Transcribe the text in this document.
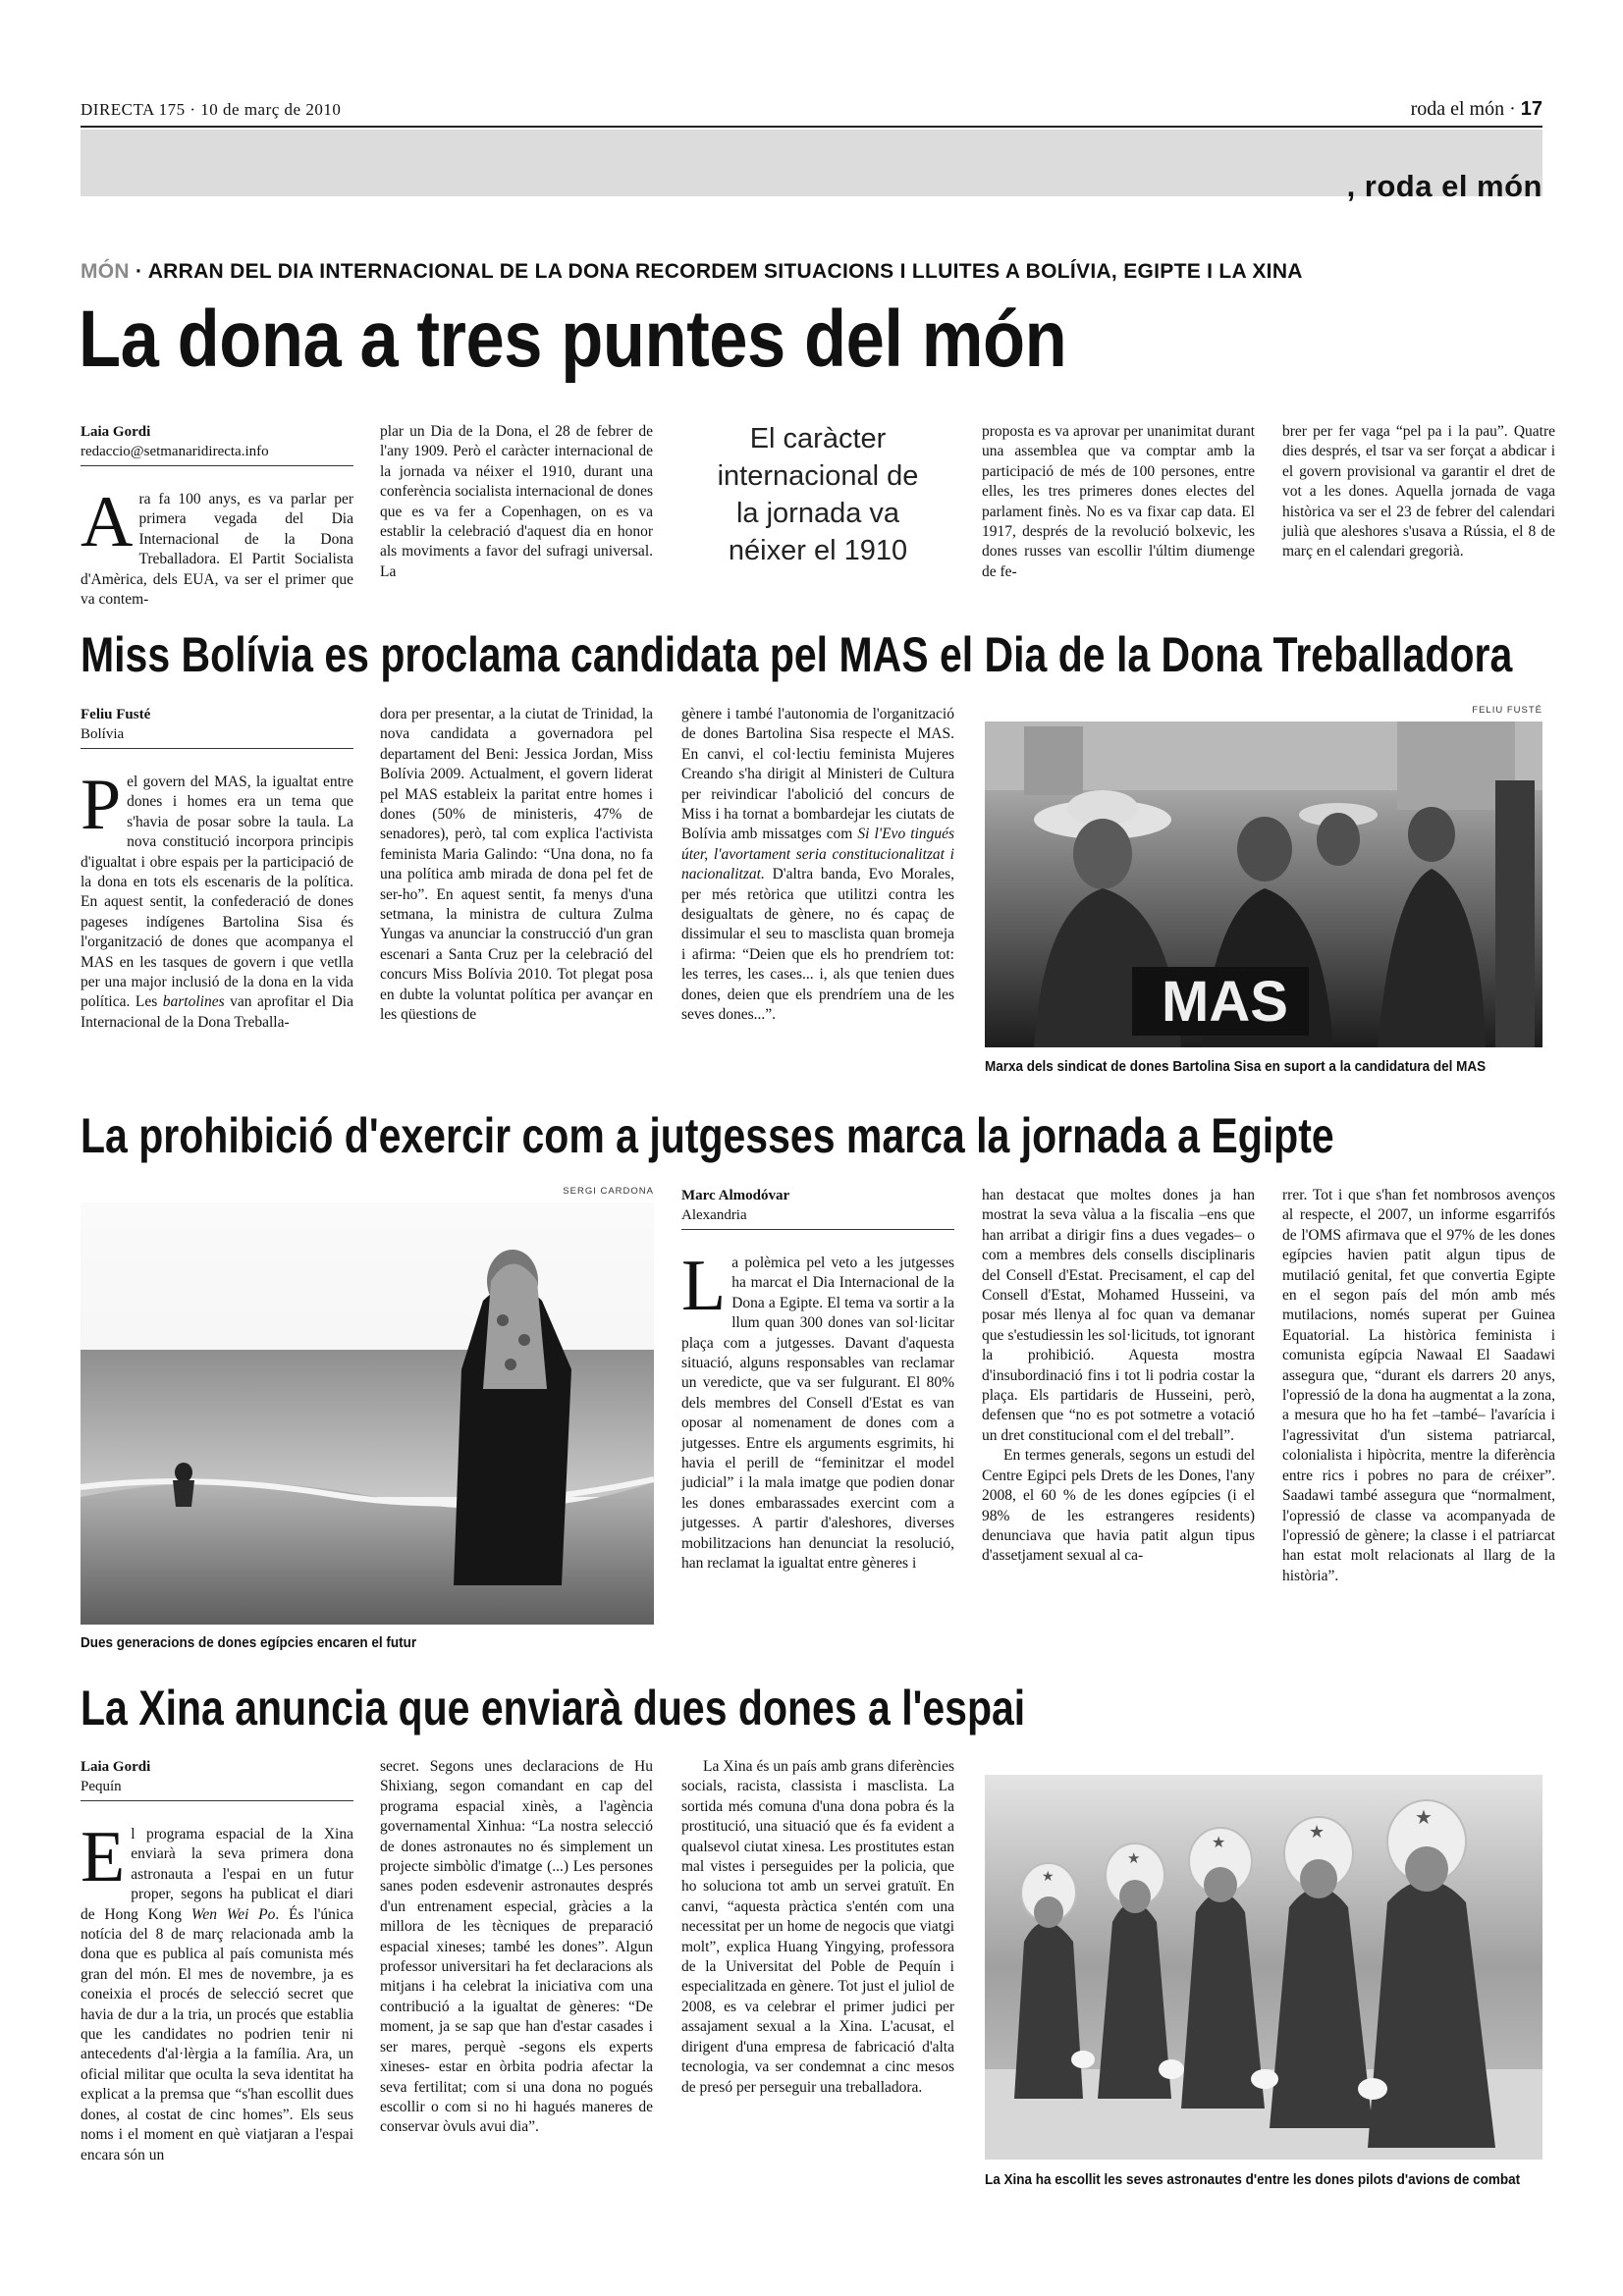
DIRECTA 175 · 10 de març de 2010	roda el món · 17
, roda el món
MÓN · ARRAN DEL DIA INTERNACIONAL DE LA DONA RECORDEM SITUACIONS I LLUITES A BOLÍVIA, EGIPTE I LA XINA
La dona a tres puntes del món
Laia Gordi
redaccio@setmanaridirecta.info

Ara fa 100 anys, es va parlar per primera vegada del Dia Internacional de la Dona Treballadora. El Partit Socialista d'Amèrica, dels EUA, va ser el primer que va contem-

plar un Dia de la Dona, el 28 de febrer de l'any 1909. Però el caràcter internacional de la jornada va néixer el 1910, durant una conferència socialista internacional de dones que es va fer a Copenhagen, on es va establir la celebració d'aquest dia en honor als moviments a favor del sufragi universal. La

El caràcter internacional de la jornada va néixer el 1910

proposta es va aprovar per unanimitat durant una assemblea que va comptar amb la participació de més de 100 persones, entre elles, les tres primeres dones electes del parlament finès. No es va fixar cap data. El 1917, després de la revolució bolxevic, les dones russes van escollir l'últim diumenge de fe-

brer per fer vaga “pel pa i la pau”. Quatre dies després, el tsar va ser forçat a abdicar i el govern provisional va garantir el dret de vot a les dones. Aquella jornada de vaga històrica va ser el 23 de febrer del calendari julià que aleshores s'usava a Rússia, el 8 de març en el calendari gregorià.

Miss Bolívia es proclama candidata pel MAS el Dia de la Dona Treballadora
Feliu Fusté
Bolívia

Pel govern del MAS, la igualtat entre dones i homes era un tema que s'havia de posar sobre la taula. La nova constitució incorpora principis d'igualtat i obre espais per la participació de la dona en tots els escenaris de la política. En aquest sentit, la confederació de dones pageses indígenes Bartolina Sisa és l'organització de dones que acompanya el MAS en les tasques de govern i que vetlla per una major inclusió de la dona en la vida política. Les bartolines van aprofitar el Dia Internacional de la Dona Treballa-

dora per presentar, a la ciutat de Trinidad, la nova candidata a governadora pel departament del Beni: Jessica Jordan, Miss Bolívia 2009. Actualment, el govern liderat pel MAS estableix la paritat entre homes i dones (50% de ministeris, 47% de senadores), però, tal com explica l'activista feminista Maria Galindo: “Una dona, no fa una política amb mirada de dona pel fet de ser-ho”. En aquest sentit, fa menys d'una setmana, la ministra de cultura Zulma Yungas va anunciar la construcció d'un gran escenari a Santa Cruz per la celebració del concurs Miss Bolívia 2010. Tot plegat posa en dubte la voluntat política per avançar en les qüestions de

gènere i també l'autonomia de l'organització de dones Bartolina Sisa respecte el MAS. En canvi, el col·lectiu feminista Mujeres Creando s'ha dirigit al Ministeri de Cultura per reivindicar l'abolició del concurs de Miss i ha tornat a bombardejar les ciutats de Bolívia amb missatges com Si l'Evo tingués úter, l'avortament seria constitucionalitzat i nacionalitzat. D'altra banda, Evo Morales, per més retòrica que utilitzi contra les desigualtats de gènere, no és capaç de dissimular el seu to masclista quan bromeja i afirma: “Deien que els ho prendríem tot: les terres, les cases... i, als que tenien dues dones, deien que els prendríem una de les seves dones...”.

FELIU FUSTÉ
MAS
Marxa dels sindicat de dones Bartolina Sisa en suport a la candidatura del MAS
La prohibició d'exercir com a jutgesses marca la jornada a Egipte
SERGI CARDONA
Dues generacions de dones egípcies encaren el futur
Marc Almodóvar
Alexandria

La polèmica pel veto a les jutgesses ha marcat el Dia Internacional de la Dona a Egipte. El tema va sortir a la llum quan 300 dones van sol·licitar plaça com a jutgesses. Davant d'aquesta situació, alguns responsables van reclamar un veredicte, que va ser fulgurant. El 80% dels membres del Consell d'Estat es van oposar al nomenament de dones com a jutgesses. Entre els arguments esgrimits, hi havia el perill de “feminitzar el model judicial” i la mala imatge que podien donar les dones embarassades exercint com a jutgesses. A partir d'aleshores, diverses mobilitzacions han denunciat la resolució, han reclamat la igualtat entre gèneres i

han destacat que moltes dones ja han mostrat la seva vàlua a la fiscalia –ens que han arribat a dirigir fins a dues vegades– o com a membres dels consells disciplinaris del Consell d'Estat. Precisament, el cap del Consell d'Estat, Mohamed Husseini, va posar més llenya al foc quan va demanar que s'estudiessin les sol·licituds, tot ignorant la prohibició. Aquesta mostra d'insubordinació fins i tot li podria costar la plaça. Els partidaris de Husseini, però, defensen que “no es pot sotmetre a votació un dret constitucional com el del treball”.

En termes generals, segons un estudi del Centre Egipci pels Drets de les Dones, l'any 2008, el 60 % de les dones egípcies (i el 98% de les estrangeres residents) denunciava que havia patit algun tipus d'assetjament sexual al ca-

rrer. Tot i que s'han fet nombrosos avenços al respecte, el 2007, un informe esgarrifós de l'OMS afirmava que el 97% de les dones egípcies havien patit algun tipus de mutilació genital, fet que convertia Egipte en el segon país del món amb més mutilacions, només superat per Guinea Equatorial. La històrica feminista i comunista egípcia Nawaal El Saadawi assegura que, “durant els darrers 20 anys, l'opressió de la dona ha augmentat a la zona, a mesura que ho ha fet –també– l'avarícia i l'agressivitat d'un sistema patriarcal, colonialista i hipòcrita, mentre la diferència entre rics i pobres no para de créixer”. Saadawi també assegura que “normalment, l'opressió de classe va acompanyada de l'opressió de gènere; la classe i el patriarcat han estat molt relacionats al llarg de la història”.

La Xina anuncia que enviarà dues dones a l'espai
Laia Gordi
Pequín

El programa espacial de la Xina enviarà la seva primera dona astronauta a l'espai en un futur proper, segons ha publicat el diari de Hong Kong Wen Wei Po. És l'única notícia del 8 de març relacionada amb la dona que es publica al país comunista més gran del món. El mes de novembre, ja es coneixia el procés de selecció secret que havia de dur a la tria, un procés que establia que les candidates no podrien tenir ni antecedents d'al·lèrgia a la família. Ara, un oficial militar que oculta la seva identitat ha explicat a la premsa que “s'han escollit dues dones, al costat de cinc homes”. Els seus noms i el moment en què viatjaran a l'espai encara són un

secret. Segons unes declaracions de Hu Shixiang, segon comandant en cap del programa espacial xinès, a l'agència governamental Xinhua: “La nostra selecció de dones astronautes no és simplement un projecte simbòlic d'imatge (...) Les persones sanes poden esdevenir astronautes després d'un entrenament especial, gràcies a la millora de les tècniques de preparació espacial xineses; també les dones”. Algun professor universitari ha fet declaracions als mitjans i ha celebrat la iniciativa com una contribució a la igualtat de gèneres: “De moment, ja se sap que han d'estar casades i ser mares, perquè -segons els experts xineses- estar en òrbita podria afectar la seva fertilitat; com si una dona no pogués escollir o com si no hi hagués maneres de conservar òvuls avui dia”.

La Xina és un país amb grans diferències socials, racista, classista i masclista. La sortida més comuna d'una dona pobra és la prostitució, una situació que és fa evident a qualsevol ciutat xinesa. Les prostitutes estan mal vistes i perseguides per la policia, que ho soluciona tot amb un servei gratuït. En canvi, “aquesta pràctica s'entén com una necessitat per un home de negocis que viatgi molt”, explica Huang Yingying, professora de la Universitat del Poble de Pequín i especialitzada en gènere. Tot just el juliol de 2008, es va celebrar el primer judici per assajament sexual a la Xina. L'acusat, el dirigent d'una empresa de fabricació d'alta tecnologia, va ser condemnat a cinc mesos de presó per perseguir una treballadora.

★
★
★	★
★
La Xina ha escollit les seves astronautes d'entre les dones pilots d'avions de combat
